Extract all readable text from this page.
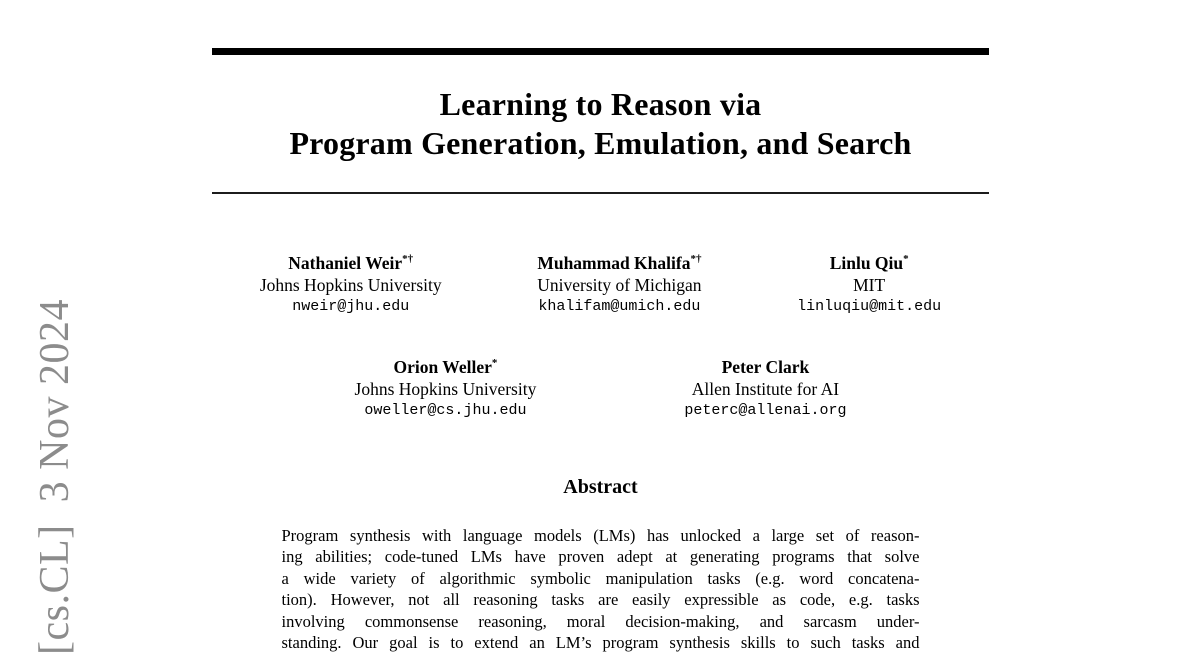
[cs.CL]  3 Nov 2024
Learning to Reason via
Program Generation, Emulation, and Search
Nathaniel Weir*†
Johns Hopkins University
nweir@jhu.edu
Muhammad Khalifa*†
University of Michigan
khalifam@umich.edu
Linlu Qiu*
MIT
linluqiu@mit.edu
Orion Weller*
Johns Hopkins University
oweller@cs.jhu.edu
Peter Clark
Allen Institute for AI
peterc@allenai.org
Abstract
Program synthesis with language models (LMs) has unlocked a large set of reason-
ing abilities; code-tuned LMs have proven adept at generating programs that solve
a wide variety of algorithmic symbolic manipulation tasks (e.g. word concatena-
tion). However, not all reasoning tasks are easily expressible as code, e.g. tasks
involving commonsense reasoning, moral decision-making, and sarcasm under-
standing. Our goal is to extend an LM’s program synthesis skills to such tasks and
